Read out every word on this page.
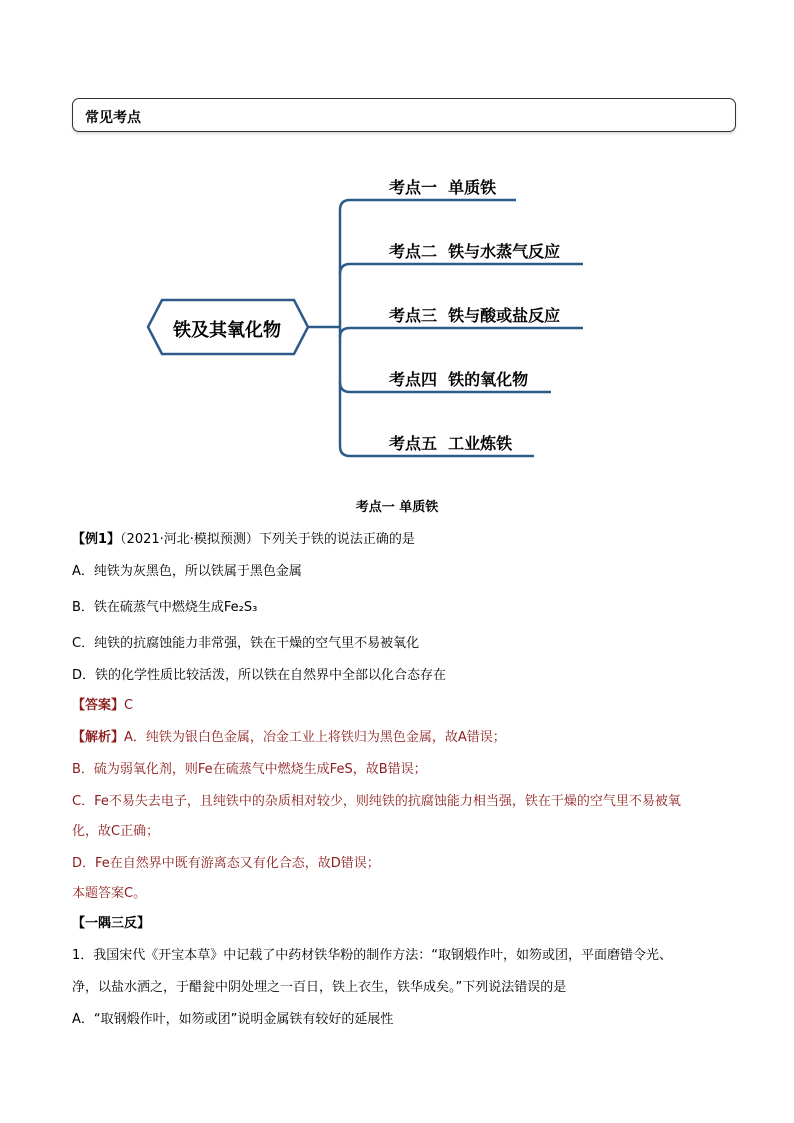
常见考点
铁及其氧化物
考点一  单质铁
考点二  铁与水蒸气反应
考点三  铁与酸或盐反应
考点四  铁的氧化物
考点五  工业炼铁
考点一 单质铁
【例1】（2021·河北·模拟预测）下列关于铁的说法正确的是
A．纯铁为灰黑色，所以铁属于黑色金属
B．铁在硫蒸气中燃烧生成Fe₂S₃
C．纯铁的抗腐蚀能力非常强，铁在干燥的空气里不易被氧化
D．铁的化学性质比较活泼，所以铁在自然界中全部以化合态存在
【答案】C
【解析】A．纯铁为银白色金属，冶金工业上将铁归为黑色金属，故A错误；
B．硫为弱氧化剂，则Fe在硫蒸气中燃烧生成FeS，故B错误；
C．Fe不易失去电子，且纯铁中的杂质相对较少，则纯铁的抗腐蚀能力相当强，铁在干燥的空气里不易被氧
化，故C正确；
D．Fe在自然界中既有游离态又有化合态，故D错误；
本题答案C。
【一隅三反】
1．我国宋代《开宝本草》中记载了中药材铁华粉的制作方法：“取钢煅作叶，如笏或团，平面磨错令光、
净，以盐水洒之，于醋瓮中阴处埋之一百日，铁上衣生，铁华成矣。”下列说法错误的是
A．“取钢煅作叶，如笏或团”说明金属铁有较好的延展性
